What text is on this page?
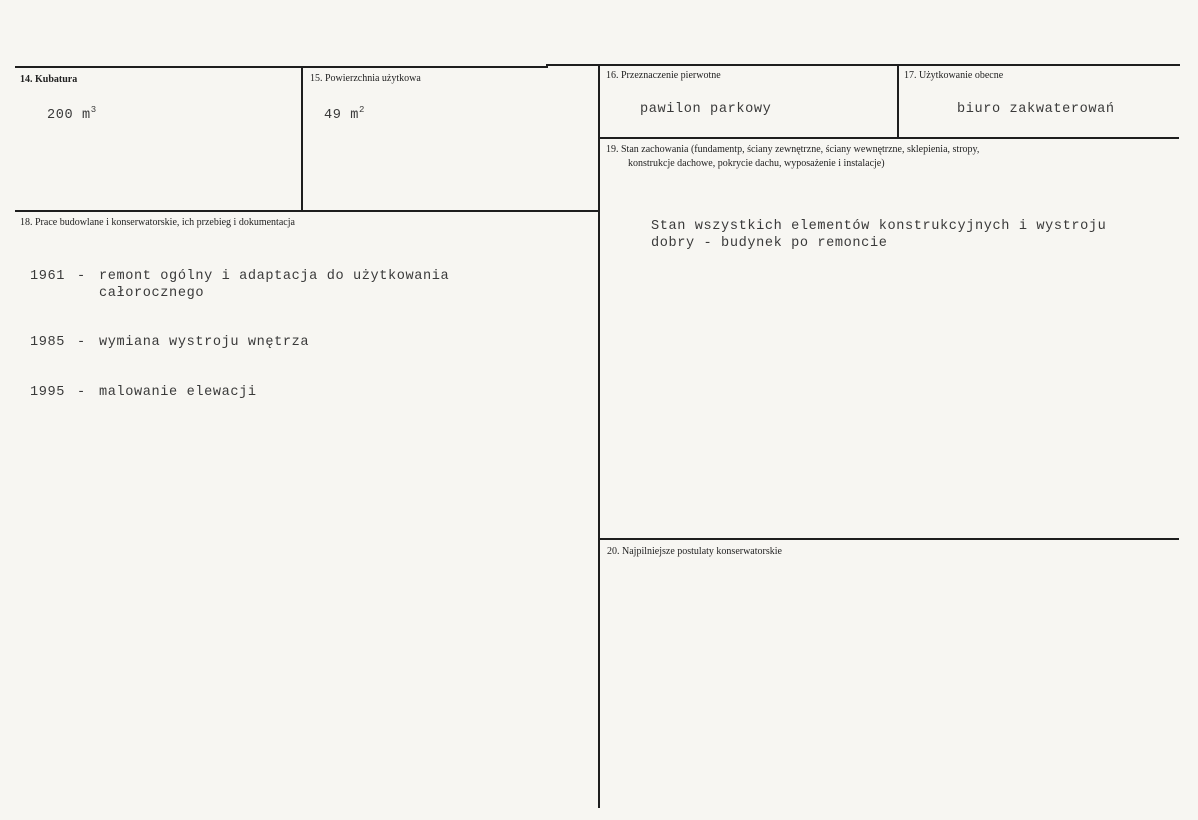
14. Kubatura
200 $m^3$
15. Powierzchnia użytkowa
49 $m^2$
16. Przeznaczenie pierwotne
pawilon parkowy
17. Użytkowanie obecne
biuro zakwaterowań
18. Prace budowlane i konserwatorskie, ich przebieg i dokumentacja

1961 - remont ogólny i adaptacja do użytkowania
całorocznego

1985 - wymiana wystroju wnętrza

1995 - malowanie elewacji

19. Stan zachowania (fundamentp, ściany zewnętrzne, ściany wewnętrzne, sklepienia, stropy,
konstrukcje dachowe, pokrycie dachu, wyposażenie i instalacje)
Stan wszystkich elementów konstrukcyjnych i wystroju
dobry - budynek po remoncie
20. Najpilniejsze postulaty konserwatorskie
